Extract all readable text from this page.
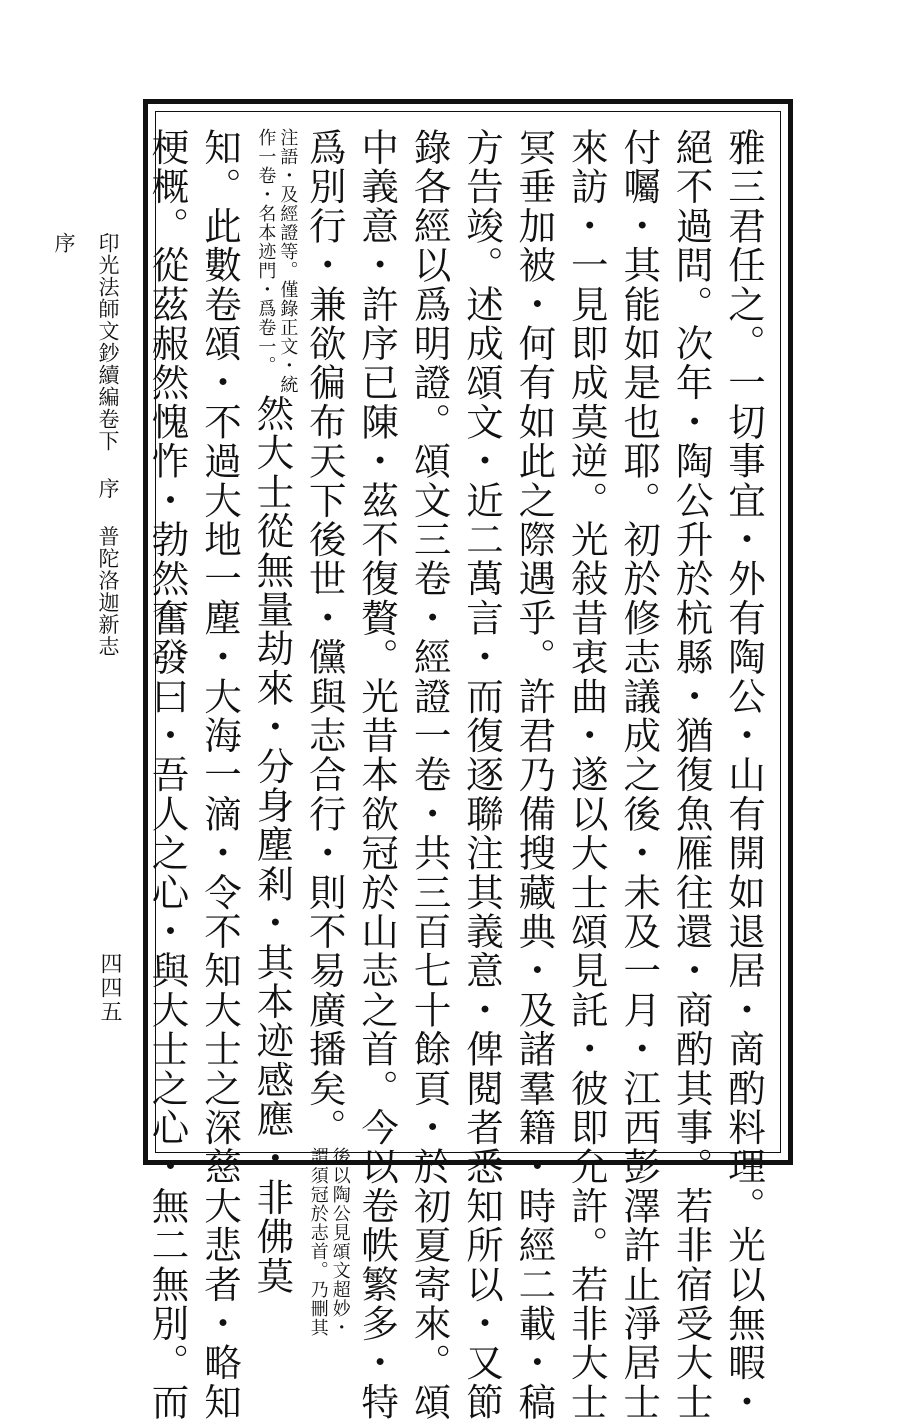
印光法師文鈔續編卷下 序 普陀洛迦新志序
四四五	雅三君任之。一切事宜・外有陶公・山有開如退居・啇酌料理。光以無暇・
絕不過問。次年・陶公升於杭縣・猶復魚雁往還・商酌其事。若非宿受大士
付囑・其能如是也耶。初於修志議成之後・未及一月・江西彭澤許止淨居士
來訪・一見即成莫逆。光敍昔衷曲・遂以大士頌見託・彼即允許。若非大士
冥垂加被・何有如此之際遇乎。許君乃備搜藏典・及諸羣籍・時經二載・稿
方告竣。述成頌文・近二萬言・而復逐聯注其義意・俾閱者悉知所以・又節
錄各經以爲明證。頌文三卷・經證一卷・共三百七十餘頁・於初夏寄來。頌
中義意・許序已陳・茲不復贅。光昔本欲冠於山志之首。今以卷帙繁多・特
爲別行・兼欲徧布天下後世・儻與志合行・則不易廣播矣。
後以陶公見頌文超妙・
謂須冠於志首。乃刪其
注語・及經證等。僅錄正文・統
作一卷・名本迹門・爲卷一。
然大士從無量劫來・分身塵剎・其本迹感應・非佛莫
知。此數卷頌・不過大地一塵・大海一滴・令不知大士之深慈大悲者・略知
梗概。從茲赧然愧怍・勃然奮發曰・吾人之心・與大士之心・無二無別。而
